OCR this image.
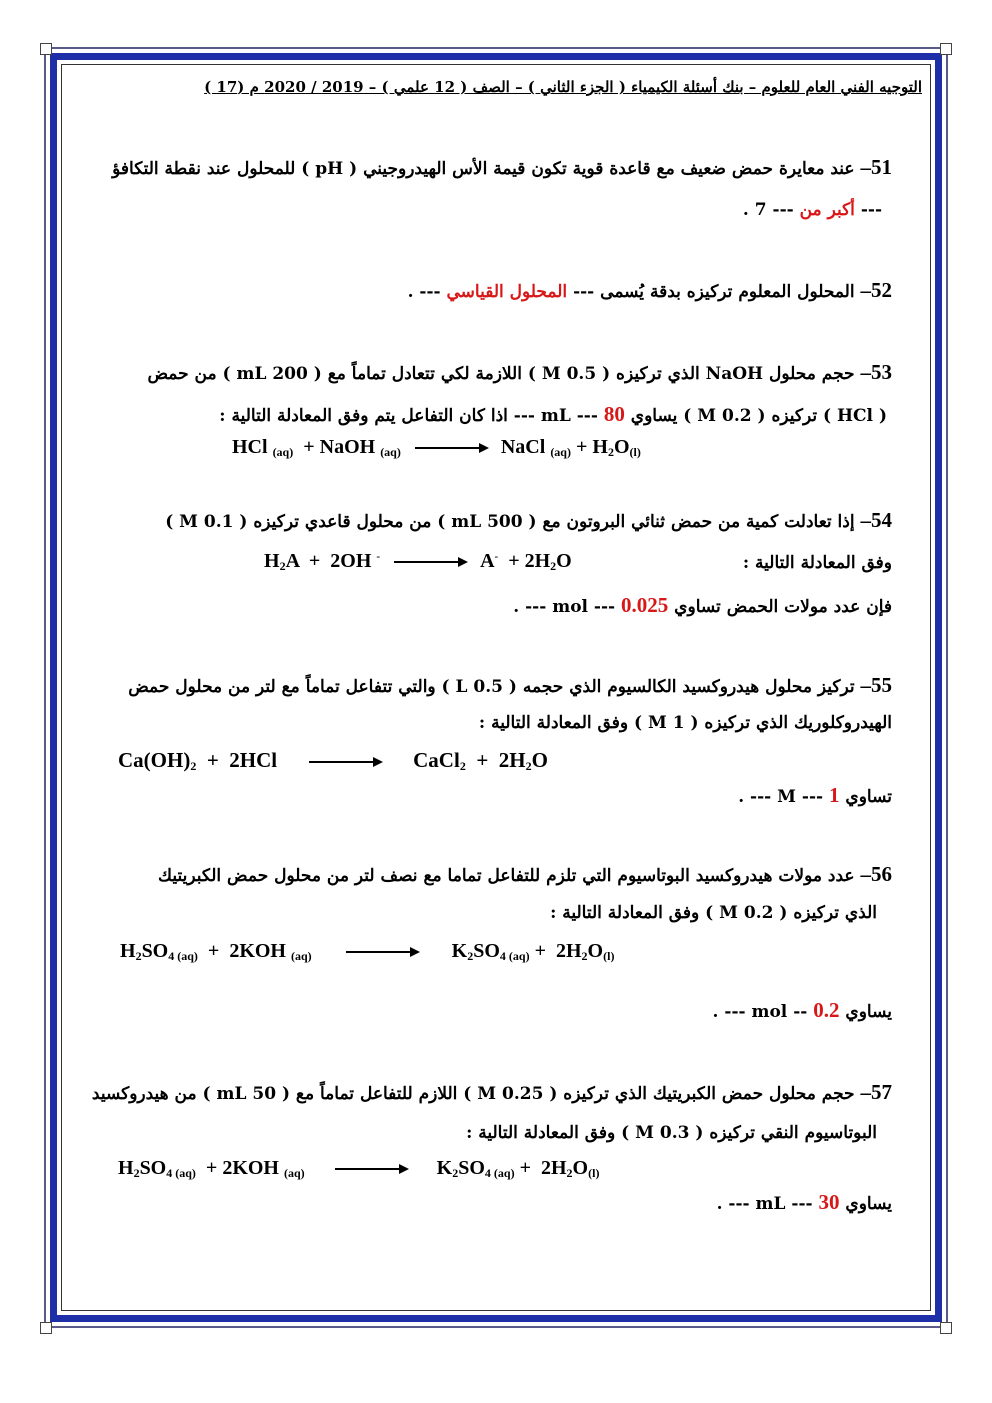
التوجيه الفني العام للعلوم – بنك أسئلة الكيمياء ( الجزء الثاني ) – الصف ( 12 علمي ) – 2019 / 2020 م (17 )
51– عند معايرة حمض ضعيف مع قاعدة قوية تكون قيمة الأس الهيدروجيني ( pH ) للمحلول عند نقطة التكافؤ
--- أكبر من --- 7 .
52– المحلول المعلوم تركيزه بدقة يُسمى --- المحلول القياسي --- .
53– حجم محلول NaOH الذي تركيزه ( 0.5 M ) اللازمة لكي تتعادل تماماً مع ( 200 mL ) من حمض
( HCl ) تركيزه ( 0.2 M ) يساوي mL --- 80 --- اذا كان التفاعل يتم وفق المعادلة التالية :
HCl $_{(aq)}$  + NaOH $_{(aq)}$ → NaCl $_{(aq)} + H_2O_{(l)}$
54– إذا تعادلت كمية من حمض ثنائي البروتون مع ( 500 mL ) من محلول قاعدي تركيزه ( 0.1 M )
وفق المعادلة التالية :
$H_2A + 2OH$ $^- \to A^- + 2H_2O$
فإن عدد مولات الحمض تساوي mol --- 0.025 --- .
55– تركيز محلول هيدروكسيد الكالسيوم الذي حجمه ( 0.5 L ) والتي تتفاعل تماماً مع لتر من محلول حمض
الهيدروكلوريك الذي تركيزه ( 1 M ) وفق المعادلة التالية :
$Ca(OH)_2 + 2HCl$	CaCl$_2$  +  $2H_2O$
تساوي M --- 1 --- .
56– عدد مولات هيدروكسيد البوتاسيوم التي تلزم للتفاعل تماما مع نصف لتر من محلول حمض الكبريتيك
الذي تركيزه ( 0.2 M ) وفق المعادلة التالية :
$H_2SO_{4 (aq)} + 2KOH$ $_{(aq)}$	$K_2SO_{4 (aq)} + 2H_2O_{(l)}$
يساوي mol -- 0.2 --- .
57– حجم محلول حمض الكبريتيك الذي تركيزه ( 0.25 M ) اللازم للتفاعل تماماً مع ( 50 mL ) من هيدروكسيد
البوتاسيوم النقي تركيزه ( 0.3 M ) وفق المعادلة التالية :
$H_2SO_{4 (aq)} + 2KOH$ $_{(aq)} \to K_2SO_{4 (aq)} + 2H_2O_{(l)}$
يساوي mL --- 30 --- .
